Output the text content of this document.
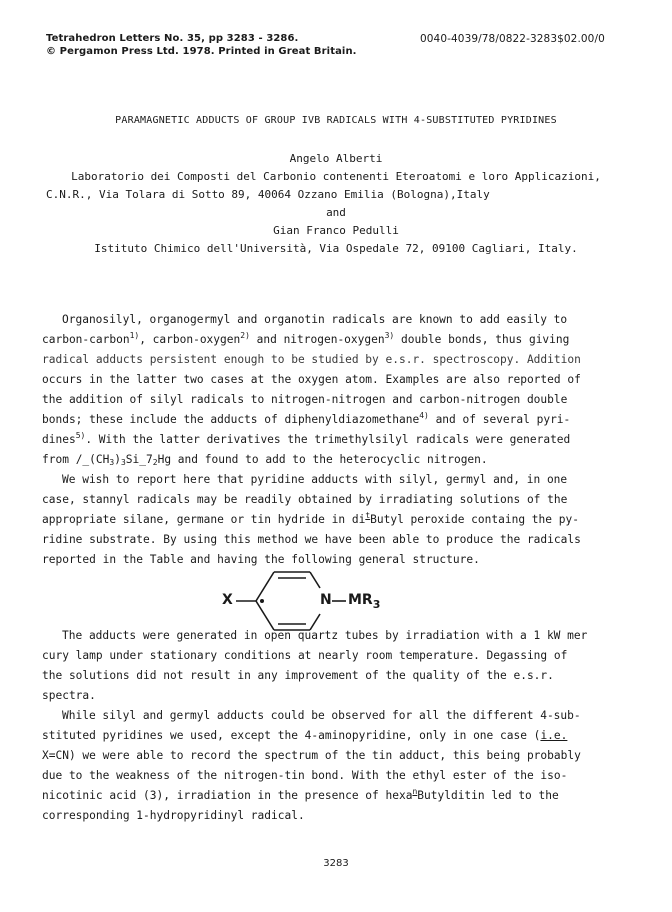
Tetrahedron Letters No. 35, pp 3283 - 3286.
© Pergamon Press Ltd. 1978. Printed in Great Britain.
0040-4039/78/0822-3283$02.00/0
PARAMAGNETIC ADDUCTS OF GROUP IVB RADICALS WITH 4-SUBSTITUTED PYRIDINES
Angelo Alberti
Laboratorio dei Composti del Carbonio contenenti Eteroatomi e loro Applicazioni,
C.N.R., Via Tolara di Sotto 89, 40064 Ozzano Emilia (Bologna),Italy
and
Gian Franco Pedulli
Istituto Chimico dell'Università, Via Ospedale 72, 09100 Cagliari, Italy.
Organosilyl, organogermyl and organotin radicals are known to add easily to
carbon-carbon$^{1)}$, carbon-oxygen$^{2)}$ and nitrogen-oxygen$^{3)}$ double bonds, thus giving
radical adducts persistent enough to be studied by e.s.r. spectroscopy. Addition
occurs in the latter two cases at the oxygen atom. Examples are also reported of
the addition of silyl radicals to nitrogen-nitrogen and carbon-nitrogen double
bonds; these include the adducts of diphenyldiazomethane$^{4)}$ and of several pyri-
dines$^{5)}$. With the latter derivatives the trimethylsilyl radicals were generated
from $/̲(CH_3)_3Si\_7_2Hg$ and found to add to the heterocyclic nitrogen.
We wish to report here that pyridine adducts with silyl, germyl and, in one
case, stannyl radicals may be readily obtained by irradiating solutions of the
appropriate silane, germane or tin hydride in $di^tButyl$ peroxide containg the py-
ridine substrate. By using this method we have been able to produce the radicals
reported in the Table and having the following general structure.
X	N $MR_3$
The adducts were generated in open quartz tubes by irradiation with a 1 kW mer
cury lamp under stationary conditions at nearly room temperature. Degassing of
the solutions did not result in any improvement of the quality of the e.s.r.
spectra.
While silyl and germyl adducts could be observed for all the different 4-sub-
stituted pyridines we used, except the 4-aminopyridine, only in one case (i.e.
X=CN) we were able to record the spectrum of the tin adduct, this being probably
due to the weakness of the nitrogen-tin bond. With the ethyl ester of the iso-
nicotinic acid (3), irradiation in the presence of hexa$^n$Butylditin led to the
corresponding 1-hydropyridinyl radical.
3283
